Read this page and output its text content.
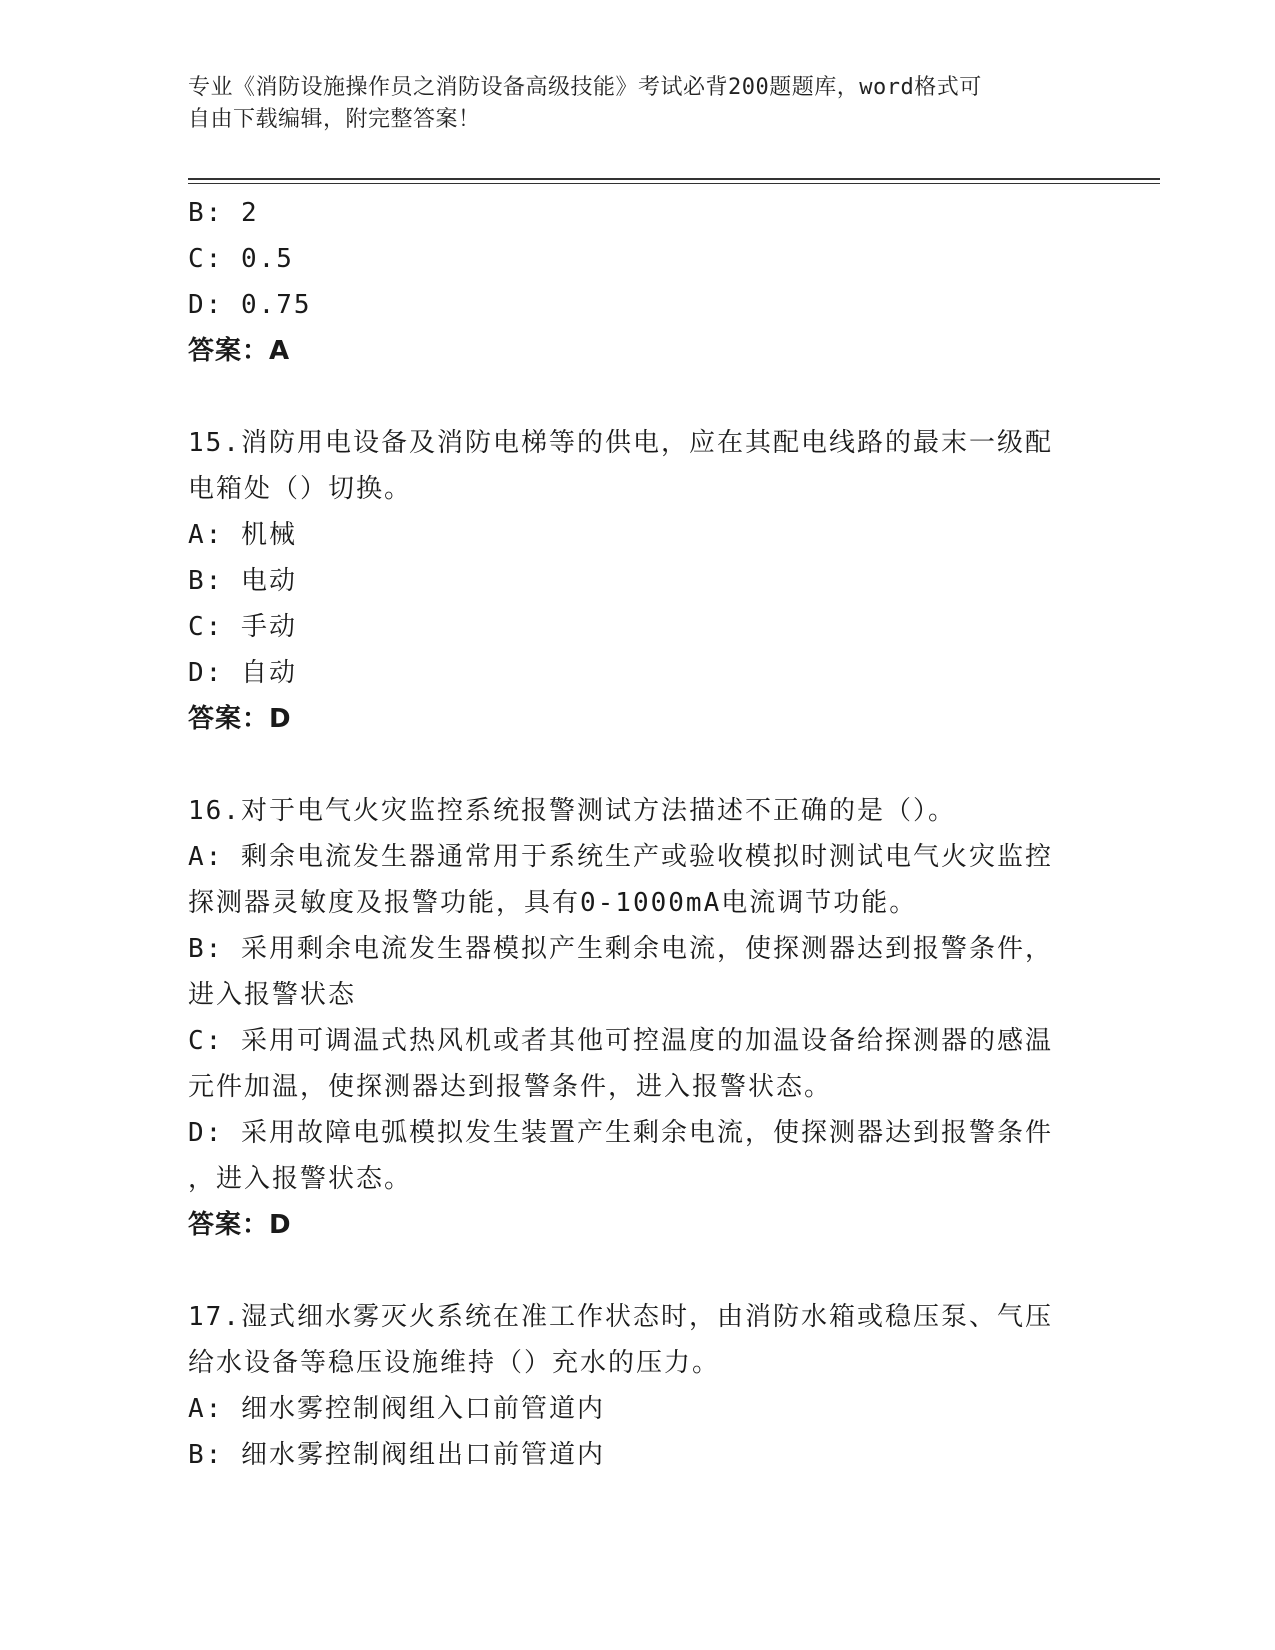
专业《消防设施操作员之消防设备高级技能》考试必背200题题库，word格式可
自由下载编辑，附完整答案！
B: 2
C: 0.5
D: 0.75
答案：A
15.消防用电设备及消防电梯等的供电，应在其配电线路的最末一级配
电箱处（）切换。
A: 机械
B: 电动
C: 手动
D: 自动
答案：D
16.对于电气火灾监控系统报警测试方法描述不正确的是（）。
A: 剩余电流发生器通常用于系统生产或验收模拟时测试电气火灾监控
探测器灵敏度及报警功能，具有0-1000mA电流调节功能。
B: 采用剩余电流发生器模拟产生剩余电流，使探测器达到报警条件，
进入报警状态
C: 采用可调温式热风机或者其他可控温度的加温设备给探测器的感温
元件加温，使探测器达到报警条件，进入报警状态。
D: 采用故障电弧模拟发生装置产生剩余电流，使探测器达到报警条件
，进入报警状态。
答案：D
17.湿式细水雾灭火系统在准工作状态时，由消防水箱或稳压泵、气压
给水设备等稳压设施维持（）充水的压力。
A: 细水雾控制阀组入口前管道内
B: 细水雾控制阀组出口前管道内
